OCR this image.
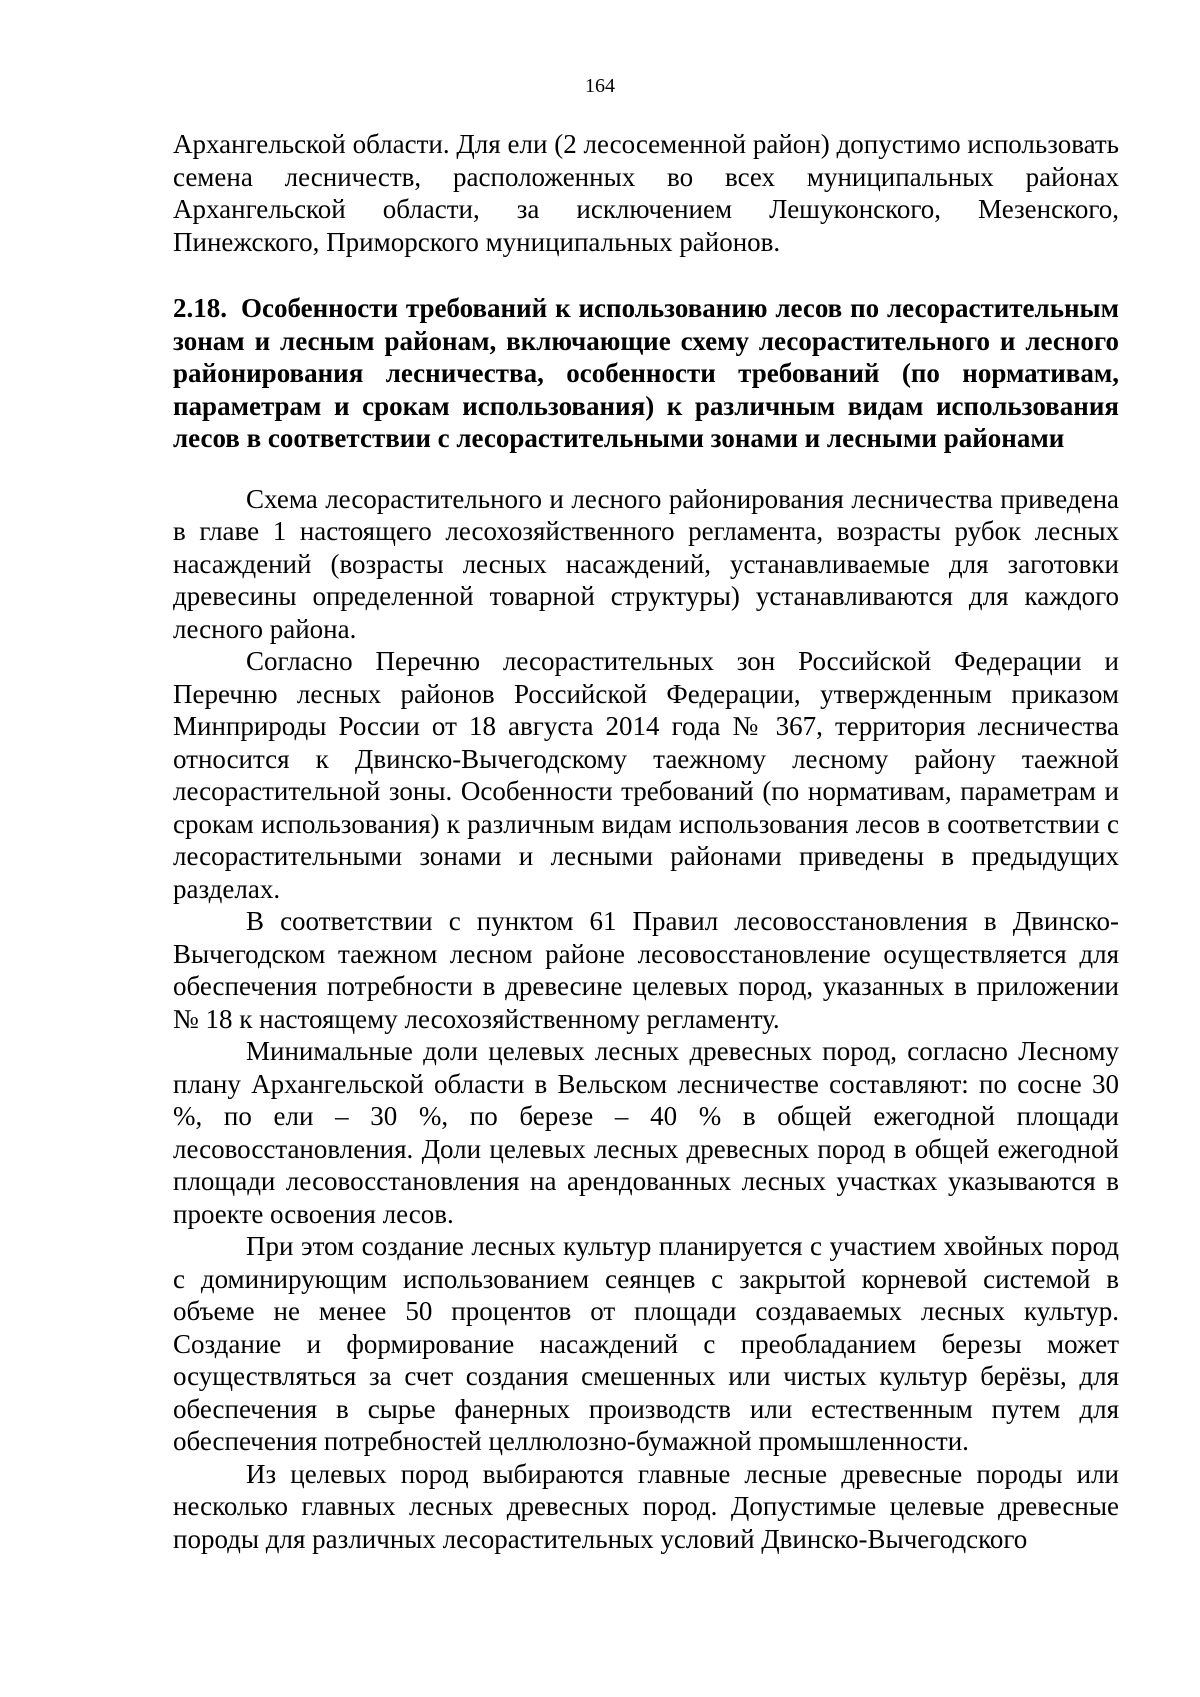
164

Архангельской области. Для ели (2 лесосеменной район) допустимо использовать семена лесничеств, расположенных во всех муниципальных районах Архангельской области, за исключением Лешуконского, Мезенского, Пинежского, Приморского муниципальных районов.

2.18. Особенности требований к использованию лесов по лесорастительным зонам и лесным районам, включающие схему лесорастительного и лесного районирования лесничества, особенности требований (по нормативам, параметрам и срокам использования) к различным видам использования лесов в соответствии с лесорастительными зонами и лесными районами

Схема лесорастительного и лесного районирования лесничества приведена в главе 1 настоящего лесохозяйственного регламента, возрасты рубок лесных насаждений (возрасты лесных насаждений, устанавливаемые для заготовки древесины определенной товарной структуры) устанавливаются для каждого лесного района.

Согласно Перечню лесорастительных зон Российской Федерации и Перечню лесных районов Российской Федерации, утвержденным приказом Минприроды России от 18 августа 2014 года № 367, территория лесничества относится к Двинско-Вычегодскому таежному лесному району таежной лесорастительной зоны. Особенности требований (по нормативам, параметрам и срокам использования) к различным видам использования лесов в соответствии с лесорастительными зонами и лесными районами приведены в предыдущих разделах.

В соответствии с пунктом 61 Правил лесовосстановления в Двинско-Вычегодском таежном лесном районе лесовосстановление осуществляется для обеспечения потребности в древесине целевых пород, указанных в приложении № 18 к настоящему лесохозяйственному регламенту.

Минимальные доли целевых лесных древесных пород, согласно Лесному плану Архангельской области в Вельском лесничестве составляют: по сосне 30 %, по ели – 30 %, по березе – 40 % в общей ежегодной площади лесовосстановления. Доли целевых лесных древесных пород в общей ежегодной площади лесовосстановления на арендованных лесных участках указываются в проекте освоения лесов.

При этом создание лесных культур планируется с участием хвойных пород с доминирующим использованием сеянцев с закрытой корневой системой в объеме не менее 50 процентов от площади создаваемых лесных культур. Создание и формирование насаждений с преобладанием березы может осуществляться за счет создания смешенных или чистых культур берёзы, для обеспечения в сырье фанерных производств или естественным путем для обеспечения потребностей целлюлозно-бумажной промышленности.

Из целевых пород выбираются главные лесные древесные породы или несколько главных лесных древесных пород. Допустимые целевые древесные породы для различных лесорастительных условий Двинско-Вычегодского
